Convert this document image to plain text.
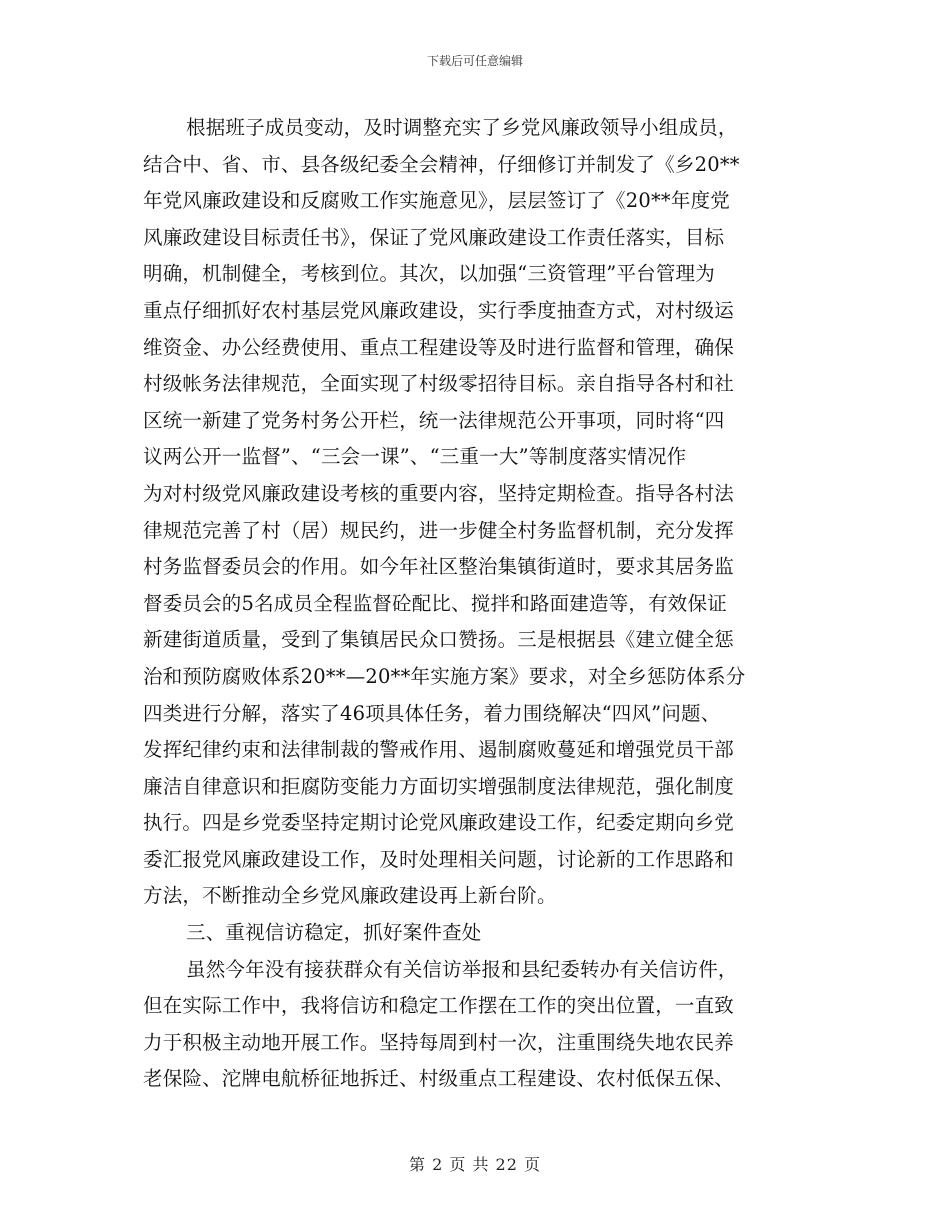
下载后可任意编辑
根据班子成员变动，及时调整充实了乡党风廉政领导小组成员，
结合中、省、市、县各级纪委全会精神，仔细修订并制发了《乡20**
年党风廉政建设和反腐败工作实施意见》，层层签订了《20**年度党
风廉政建设目标责任书》，保证了党风廉政建设工作责任落实，目标
明确，机制健全，考核到位。其次，以加强“三资管理”平台管理为
重点仔细抓好农村基层党风廉政建设，实行季度抽查方式，对村级运
维资金、办公经费使用、重点工程建设等及时进行监督和管理，确保
村级帐务法律规范，全面实现了村级零招待目标。亲自指导各村和社
区统一新建了党务村务公开栏，统一法律规范公开事项，同时将“四
议两公开一监督”、“三会一课”、“三重一大”等制度落实情况作
为对村级党风廉政建设考核的重要内容，坚持定期检查。指导各村法
律规范完善了村（居）规民约，进一步健全村务监督机制，充分发挥
村务监督委员会的作用。如今年社区整治集镇街道时，要求其居务监
督委员会的5名成员全程监督砼配比、搅拌和路面建造等，有效保证
新建街道质量，受到了集镇居民众口赞扬。三是根据县《建立健全惩
治和预防腐败体系20**—20**年实施方案》要求，对全乡惩防体系分
四类进行分解，落实了46项具体任务，着力围绕解决“四风”问题、
发挥纪律约束和法律制裁的警戒作用、遏制腐败蔓延和增强党员干部
廉洁自律意识和拒腐防变能力方面切实增强制度法律规范，强化制度
执行。四是乡党委坚持定期讨论党风廉政建设工作，纪委定期向乡党
委汇报党风廉政建设工作，及时处理相关问题，讨论新的工作思路和
方法，不断推动全乡党风廉政建设再上新台阶。
三、重视信访稳定，抓好案件查处
虽然今年没有接获群众有关信访举报和县纪委转办有关信访件，
但在实际工作中，我将信访和稳定工作摆在工作的突出位置，一直致
力于积极主动地开展工作。坚持每周到村一次，注重围绕失地农民养
老保险、沱牌电航桥征地拆迁、村级重点工程建设、农村低保五保、
第 2 页 共 22 页
